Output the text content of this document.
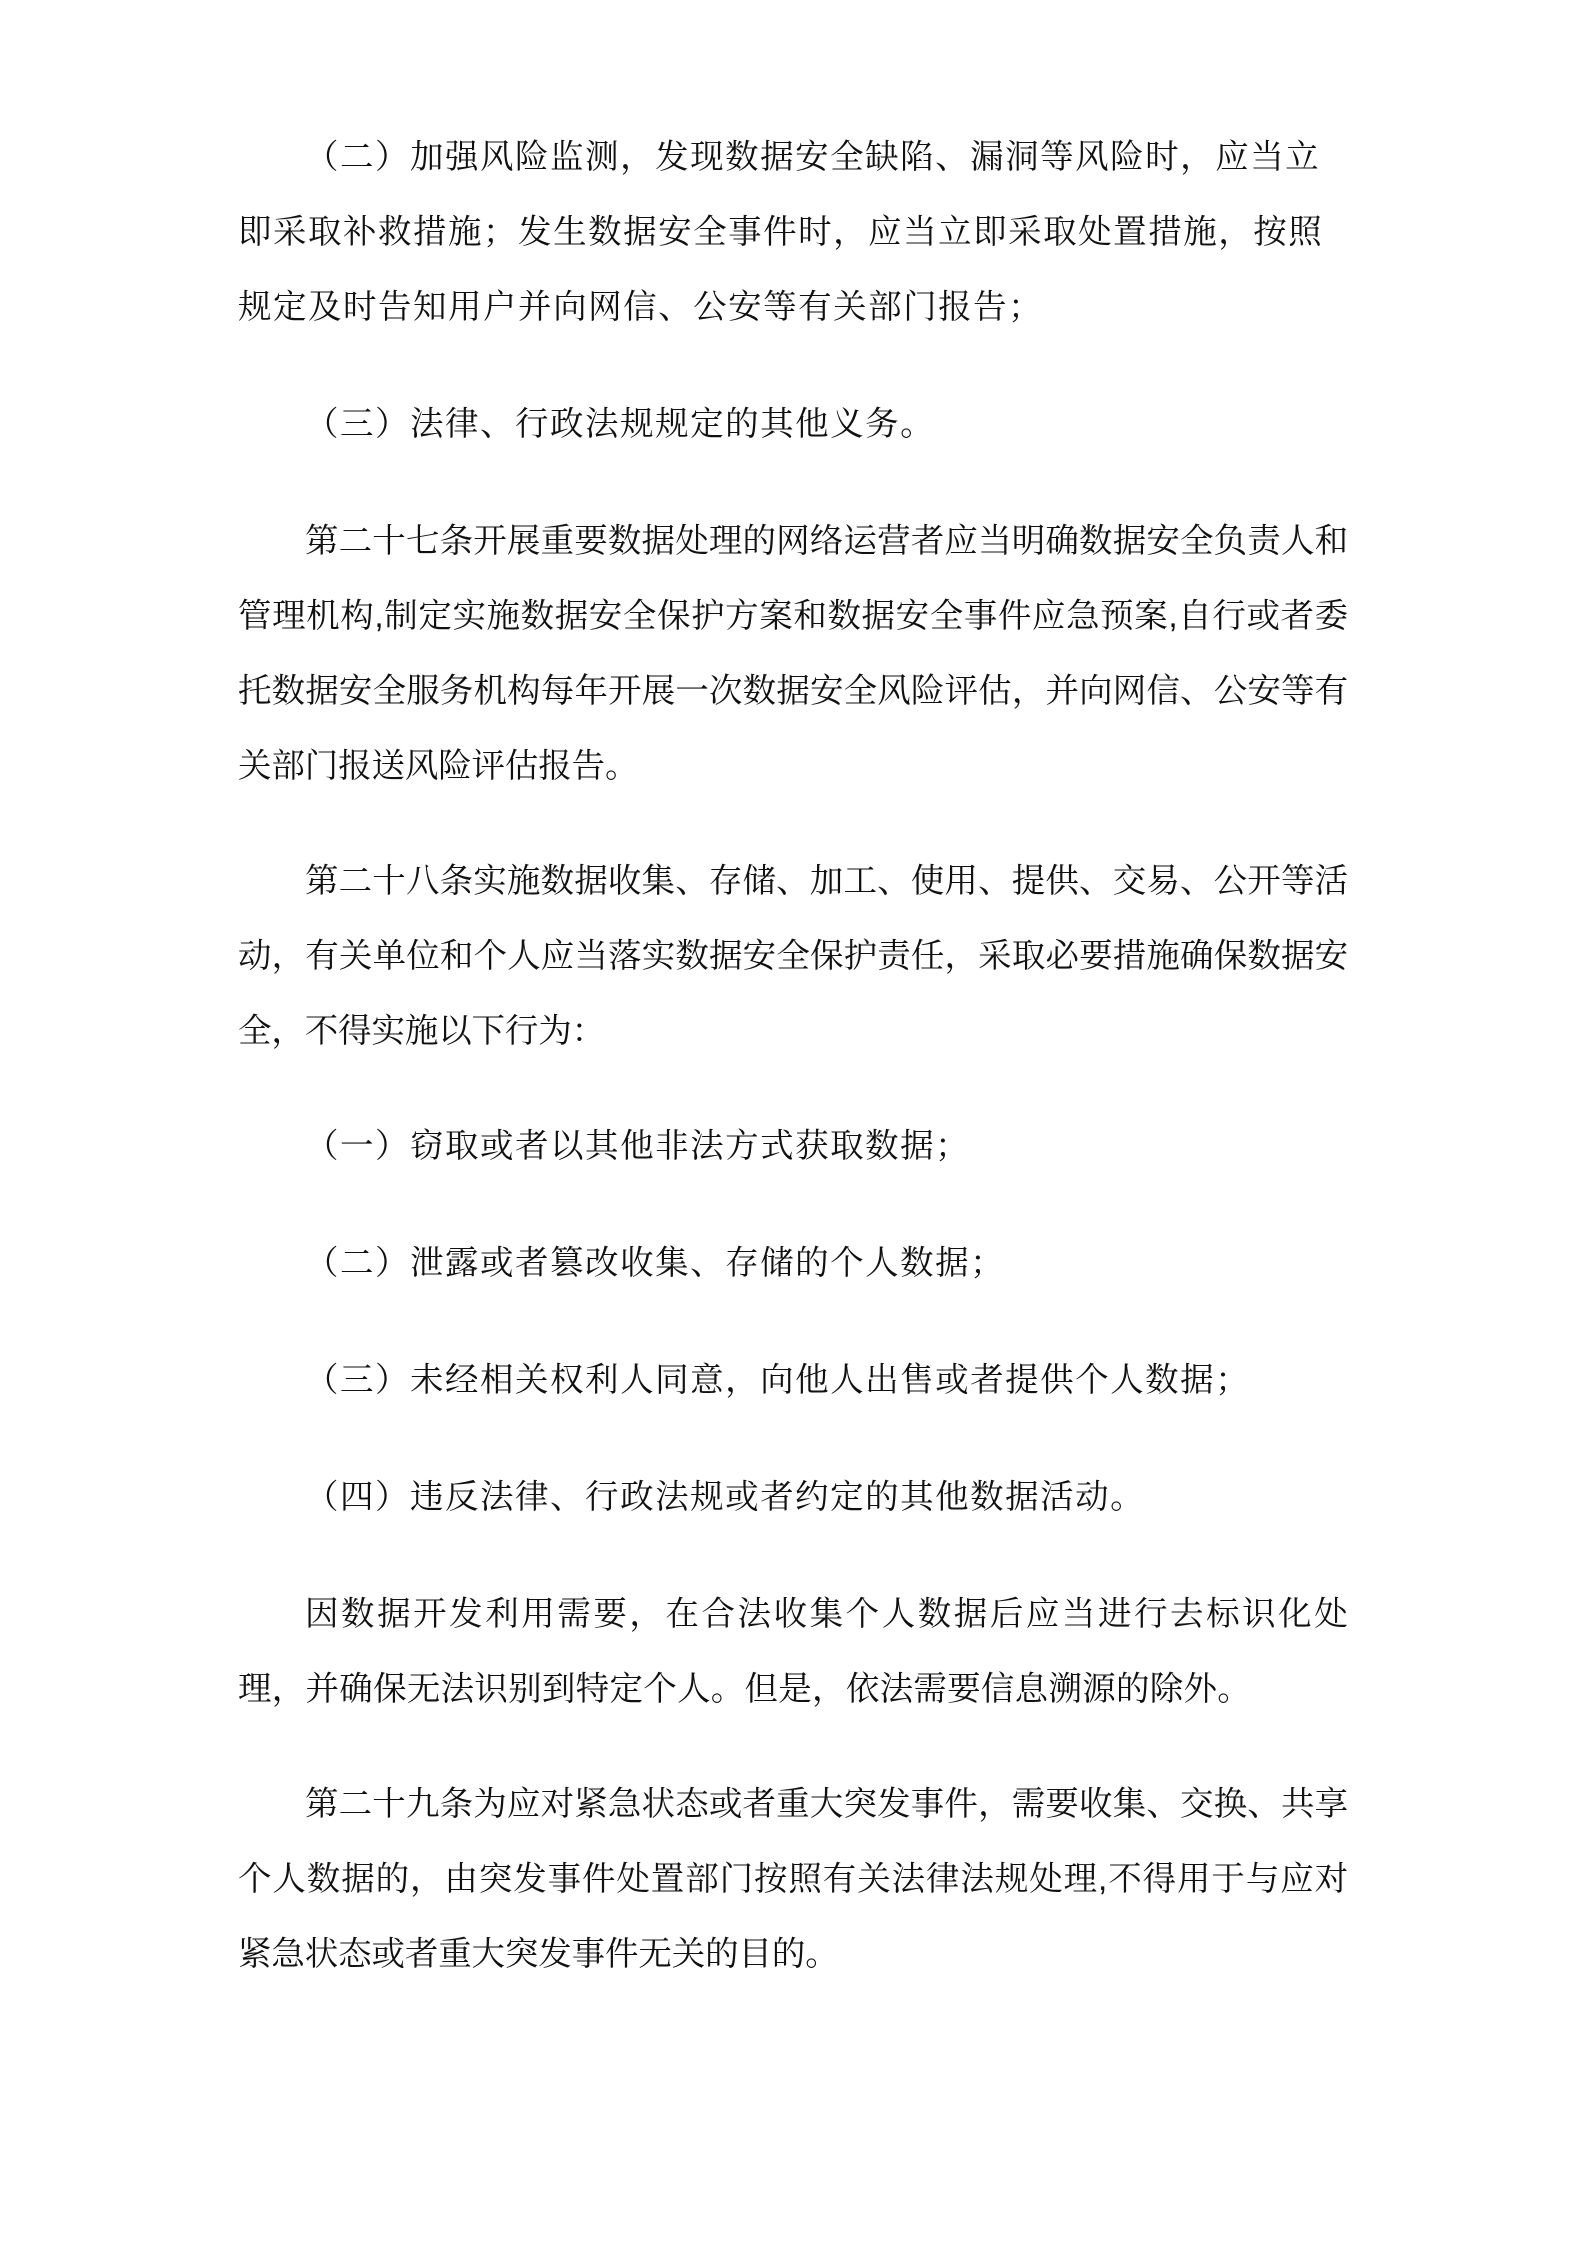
（二）加强风险监测，发现数据安全缺陷、漏洞等风险时，应当立即采取补救措施；发生数据安全事件时，应当立即采取处置措施，按照规定及时告知用户并向网信、公安等有关部门报告；

（三）法律、行政法规规定的其他义务。

第二十七条开展重要数据处理的网络运营者应当明确数据安全负责人和管理机构,制定实施数据安全保护方案和数据安全事件应急预案,自行或者委托数据安全服务机构每年开展一次数据安全风险评估，并向网信、公安等有关部门报送风险评估报告。

第二十八条实施数据收集、存储、加工、使用、提供、交易、公开等活动，有关单位和个人应当落实数据安全保护责任，采取必要措施确保数据安全，不得实施以下行为：

（一）窃取或者以其他非法方式获取数据；

（二）泄露或者篡改收集、存储的个人数据；

（三）未经相关权利人同意，向他人出售或者提供个人数据；

（四）违反法律、行政法规或者约定的其他数据活动。

因数据开发利用需要，在合法收集个人数据后应当进行去标识化处理，并确保无法识别到特定个人。但是，依法需要信息溯源的除外。

第二十九条为应对紧急状态或者重大突发事件，需要收集、交换、共享个人数据的，由突发事件处置部门按照有关法律法规处理,不得用于与应对紧急状态或者重大突发事件无关的目的。
